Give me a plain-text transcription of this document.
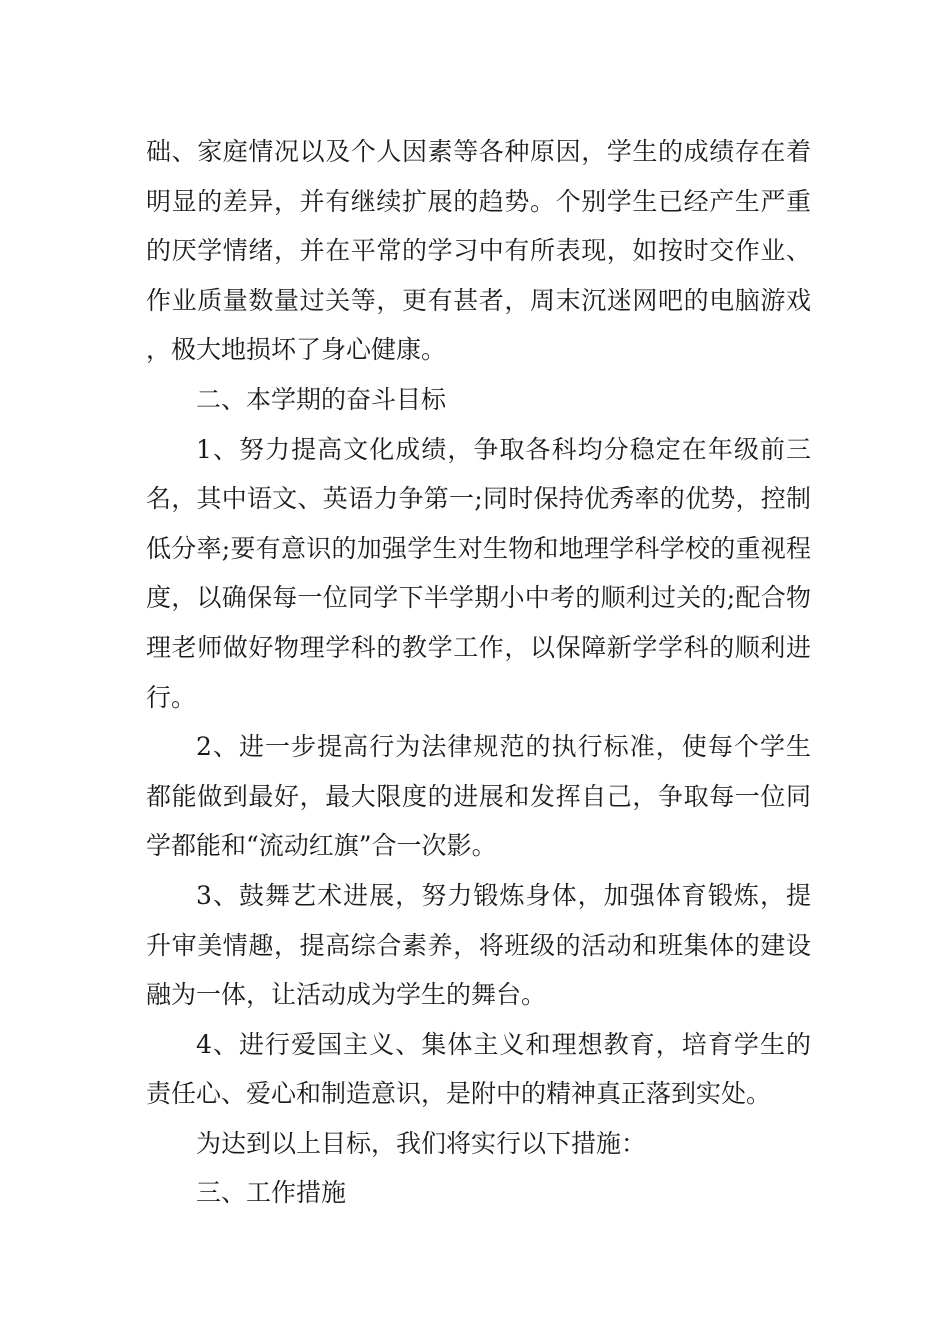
础、家庭情况以及个人因素等各种原因，学生的成绩存在着明显的差异，并有继续扩展的趋势。个别学生已经产生严重的厌学情绪，并在平常的学习中有所表现，如按时交作业、作业质量数量过关等，更有甚者，周末沉迷网吧的电脑游戏，极大地损坏了身心健康。

二、本学期的奋斗目标

1、努力提高文化成绩，争取各科均分稳定在年级前三名，其中语文、英语力争第一;同时保持优秀率的优势，控制低分率;要有意识的加强学生对生物和地理学科学校的重视程度，以确保每一位同学下半学期小中考的顺利过关的;配合物理老师做好物理学科的教学工作，以保障新学学科的顺利进行。

2、进一步提高行为法律规范的执行标准，使每个学生都能做到最好，最大限度的进展和发挥自己，争取每一位同学都能和“流动红旗”合一次影。

3、鼓舞艺术进展，努力锻炼身体，加强体育锻炼，提升审美情趣，提高综合素养，将班级的活动和班集体的建设融为一体，让活动成为学生的舞台。

4、进行爱国主义、集体主义和理想教育，培育学生的责任心、爱心和制造意识，是附中的精神真正落到实处。

为达到以上目标，我们将实行以下措施：

三、工作措施
